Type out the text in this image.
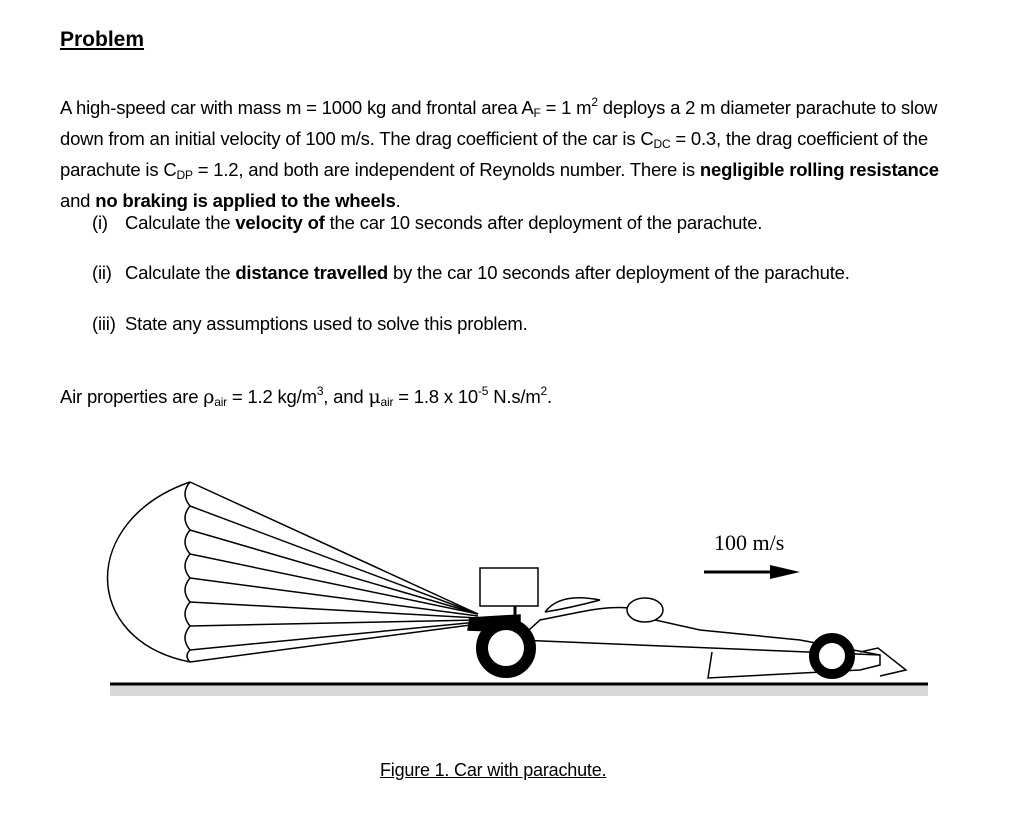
Problem
A high-speed car with mass m = 1000 kg and frontal area $A_F = 1$ $m^2$ deploys a 2 m diameter parachute to slow
down from an initial velocity of 100 m/s. The drag coefficient of the car is $C_{DC} = 0.3$, the drag coefficient of the
parachute is $C_{DP} = 1.2$, and both are independent of Reynolds number. There is negligible rolling resistance
and no braking is applied to the wheels.
(i) Calculate the velocity of the car 10 seconds after deployment of the parachute.
(ii) Calculate the distance travelled by the car 10 seconds after deployment of the parachute.
(iii) State any assumptions used to solve this problem.
Air properties are $\rho_{air} = 1.2$ $kg/m^3$, and $\mu_{air} = 1.8$ x $10^{-5}$ $N.s/m^2$.
100 m/s
Figure 1. Car with parachute.
